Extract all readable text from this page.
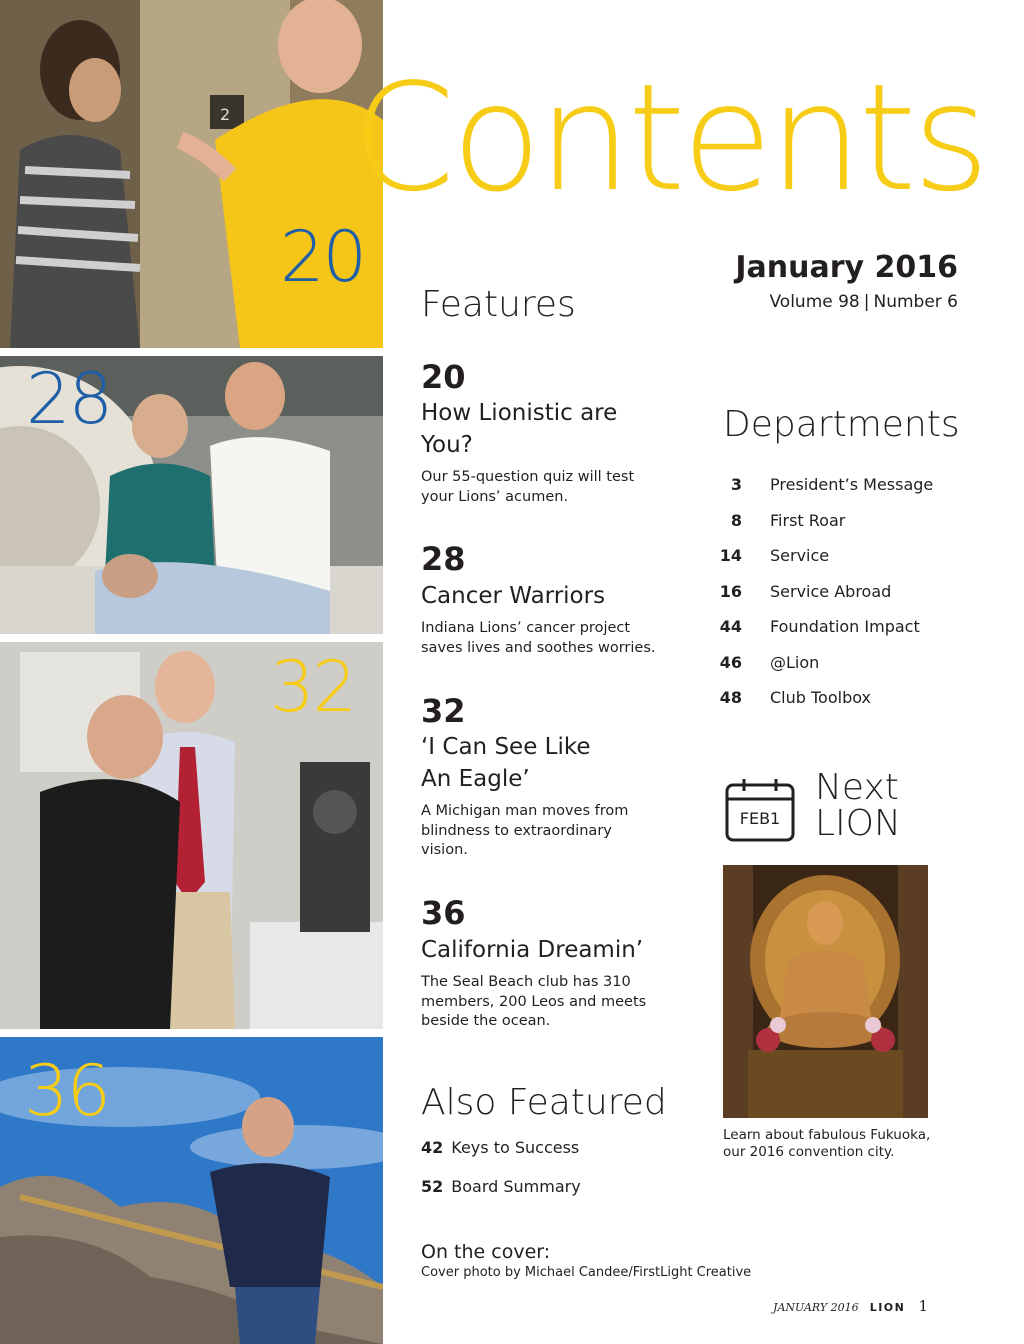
2
20
28
32
36
Contents
January 2016
Volume 98 | Number 6
Features
20
How Lionistic are You?
Our 55-question quiz will test your Lions’ acumen.
28
Cancer Warriors
Indiana Lions’ cancer project saves lives and soothes worries.
32
‘I Can See Like An Eagle’
A Michigan man moves from blindness to extraordinary vision.
36
California Dreamin’
The Seal Beach club has 310 members, 200 Leos and meets beside the ocean.
Also Featured
42 Keys to Success
52 Board Summary
On the cover:
Cover photo by Michael Candee/FirstLight Creative
Departments
3 President’s Message
8 First Roar
14 Service
16 Service Abroad
44 Foundation Impact
46 @Lion
48 Club Toolbox
FEB1
Next
LION
Learn about fabulous Fukuoka, our 2016 convention city.
JANUARY 2016 LION 1
